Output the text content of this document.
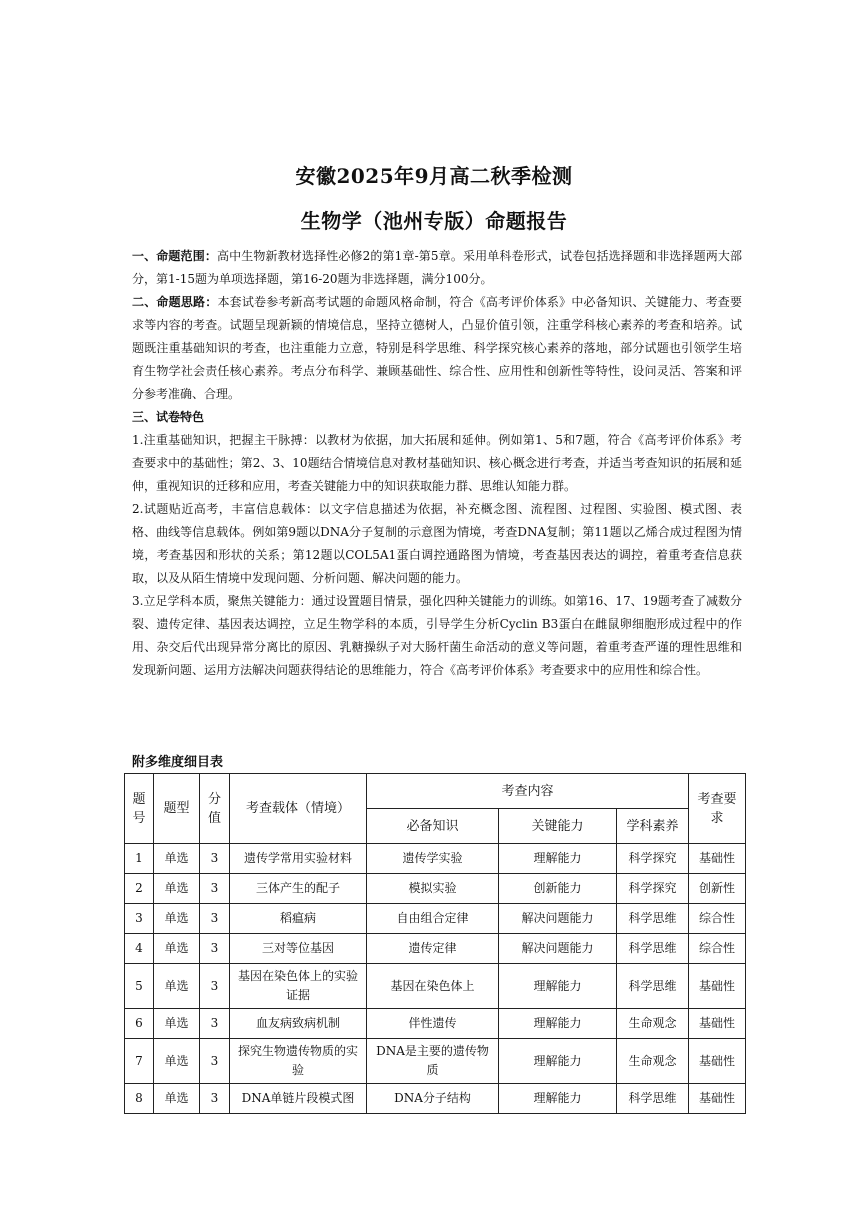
安徽2025年9月高二秋季检测
生物学（池州专版）命题报告

一、命题范围：高中生物新教材选择性必修2的第1章-第5章。采用单科卷形式，试卷包括选择题和非选择题两大部分，第1-15题为单项选择题，第16-20题为非选择题，满分100分。

二、命题思路：本套试卷参考新高考试题的命题风格命制，符合《高考评价体系》中必备知识、关键能力、考查要求等内容的考查。试题呈现新颖的情境信息，坚持立德树人，凸显价值引领，注重学科核心素养的考查和培养。试题既注重基础知识的考查，也注重能力立意，特别是科学思维、科学探究核心素养的落地，部分试题也引领学生培育生物学社会责任核心素养。考点分布科学、兼顾基础性、综合性、应用性和创新性等特性，设问灵活、答案和评分参考准确、合理。

三、试卷特色

1.注重基础知识，把握主干脉搏：以教材为依据，加大拓展和延伸。例如第1、5和7题，符合《高考评价体系》考查要求中的基础性；第2、3、10题结合情境信息对教材基础知识、核心概念进行考查，并适当考查知识的拓展和延伸，重视知识的迁移和应用，考查关键能力中的知识获取能力群、思维认知能力群。

2.试题贴近高考，丰富信息载体：以文字信息描述为依据，补充概念图、流程图、过程图、实验图、模式图、表格、曲线等信息载体。例如第9题以DNA分子复制的示意图为情境，考查DNA复制；第11题以乙烯合成过程图为情境，考查基因和形状的关系；第12题以COL5A1蛋白调控通路图为情境，考查基因表达的调控，着重考查信息获取，以及从陌生情境中发现问题、分析问题、解决问题的能力。

3.立足学科本质，聚焦关键能力：通过设置题目情景，强化四种关键能力的训练。如第16、17、19题考查了减数分裂、遗传定律、基因表达调控，立足生物学科的本质，引导学生分析Cyclin B3蛋白在雌鼠卵细胞形成过程中的作用、杂交后代出现异常分离比的原因、乳糖操纵子对大肠杆菌生命活动的意义等问题，着重考查严谨的理性思维和发现新问题、运用方法解决问题获得结论的思维能力，符合《高考评价体系》考查要求中的应用性和综合性。

附多维度细目表
题号	题型	分值	考查载体（情境）	考查内容			考查要求
				必备知识	关键能力	学科素养	
1	单选	3	遗传学常用实验材料	遗传学实验	理解能力	科学探究	基础性
2	单选	3	三体产生的配子	模拟实验	创新能力	科学探究	创新性
3	单选	3	稻瘟病	自由组合定律	解决问题能力	科学思维	综合性
4	单选	3	三对等位基因	遗传定律	解决问题能力	科学思维	综合性
5	单选	3	基因在染色体上的实验证据	基因在染色体上	理解能力	科学思维	基础性
6	单选	3	血友病致病机制	伴性遗传	理解能力	生命观念	基础性
7	单选	3	探究生物遗传物质的实验	DNA是主要的遗传物质	理解能力	生命观念	基础性
8	单选	3	DNA单链片段模式图	DNA分子结构	理解能力	科学思维	基础性
